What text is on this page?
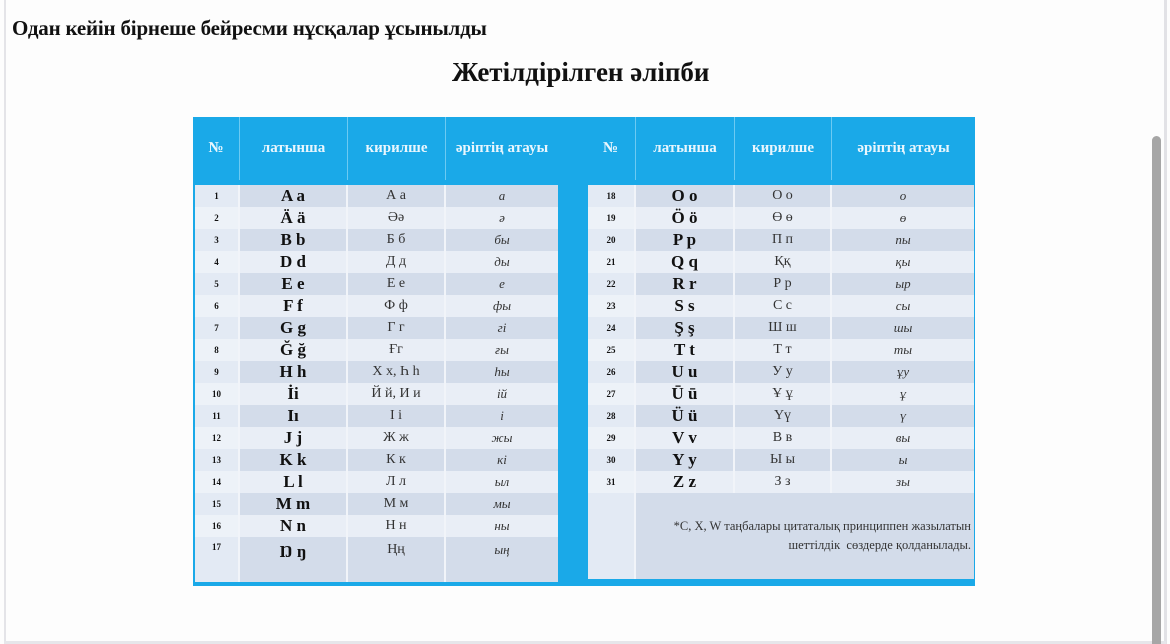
Одан кейін бірнеше бейресми нұсқалар ұсынылды
Жетілдірілген әліпби
№	латынша	кирилше	әріптің атауы
1	A a	А а	а
2	Ä ä	Әә	ә
3	B b	Б б	бы
4	D d	Д д	ды
5	E e	Е е	е
6	F f	Ф ф	фы
7	G g	Г г	гі
8	Ğ ğ	Ғг	ғы
9	H h	Х х, Һ h	һы
10	İi	Й й, И и	ій
11	Iı	І і	і
12	J j	Ж ж	жы
13	K k	К к	кі
14	L l	Л л	ыл
15	M m	М м	мы
16	N n	Н н	ны
17	Ŋ ŋ	Ңң	ың
№	латынша	кирилше	әріптің атауы
18	O o	О о	о
19	Ö ö	Ө ө	ө
20	P p	П п	пы
21	Q q	Ққ	қы
22	R r	Р р	ыр
23	S s	С с	сы
24	Ş ş	Ш ш	шы
25	T t	Т т	ты
26	U u	У у	ұу
27	Ū ū	Ұ ұ	ұ
28	Ü ü	Үү	ү
29	V v	В в	вы
30	Y y	Ы ы	ы
31	Z z	З з	зы
*C, X, W таңбалары цитаталық принциппен жазылатын
шеттілдік  сөздерде қолданылады.
